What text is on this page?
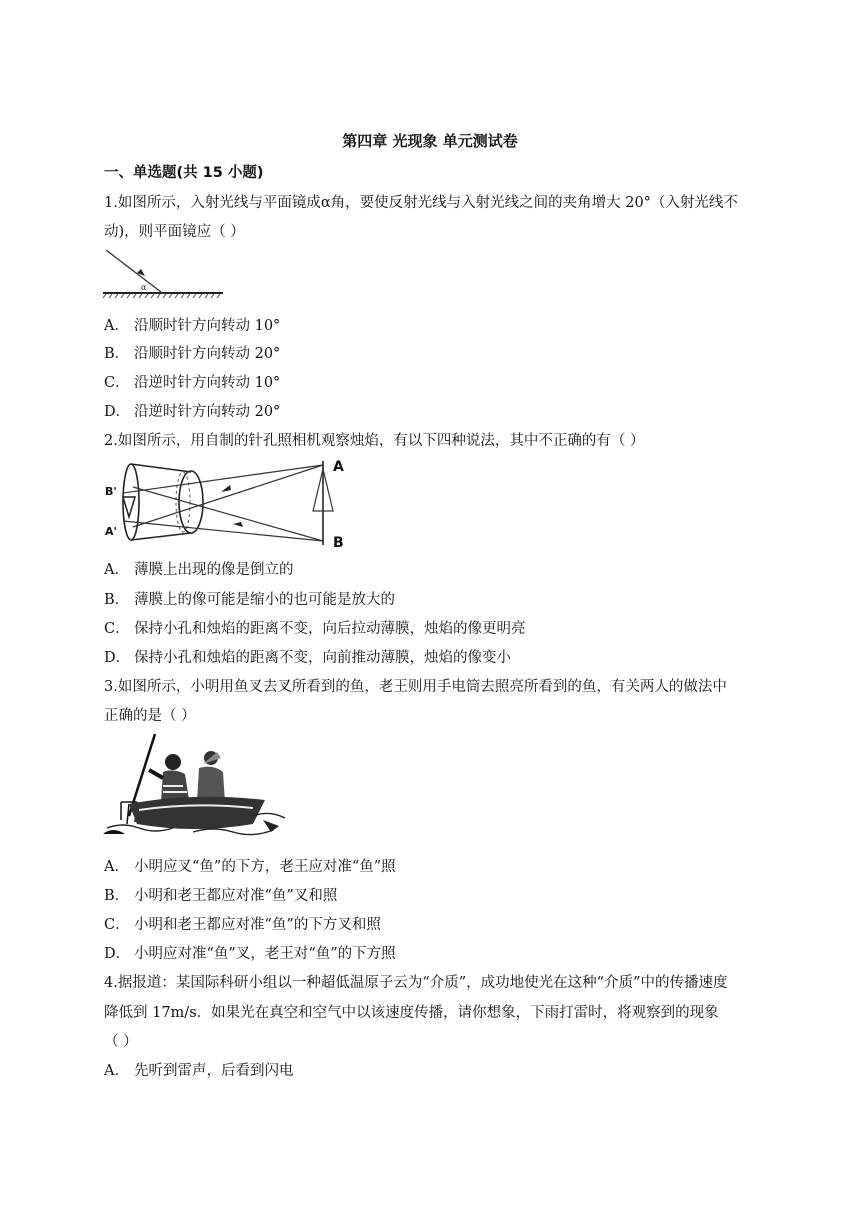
第四章 光现象 单元测试卷
一、单选题(共 15 小题)
1.如图所示，入射光线与平面镜成α角，要使反射光线与入射光线之间的夹角增大 20°（入射光线不
动)，则平面镜应（ ）
α
A． 沿顺时针方向转动 10°
B． 沿顺时针方向转动 20°
C． 沿逆时针方向转动 10°
D． 沿逆时针方向转动 20°
2.如图所示，用自制的针孔照相机观察烛焰，有以下四种说法，其中不正确的有（ ）
A
B
B'
A'
A． 薄膜上出现的像是倒立的
B． 薄膜上的像可能是缩小的也可能是放大的
C． 保持小孔和烛焰的距离不变，向后拉动薄膜，烛焰的像更明亮
D． 保持小孔和烛焰的距离不变，向前推动薄膜，烛焰的像变小
3.如图所示，小明用鱼叉去叉所看到的鱼，老王则用手电筒去照亮所看到的鱼，有关两人的做法中
正确的是（ ）
A． 小明应叉“鱼”的下方，老王应对准“鱼”照
B． 小明和老王都应对准“鱼”叉和照
C． 小明和老王都应对准“鱼”的下方叉和照
D． 小明应对准“鱼”叉，老王对“鱼”的下方照
4.据报道：某国际科研小组以一种超低温原子云为“介质”，成功地使光在这种“介质”中的传播速度
降低到 17m/s．如果光在真空和空气中以该速度传播，请你想象，下雨打雷时，将观察到的现象
（ ）
A． 先听到雷声，后看到闪电
